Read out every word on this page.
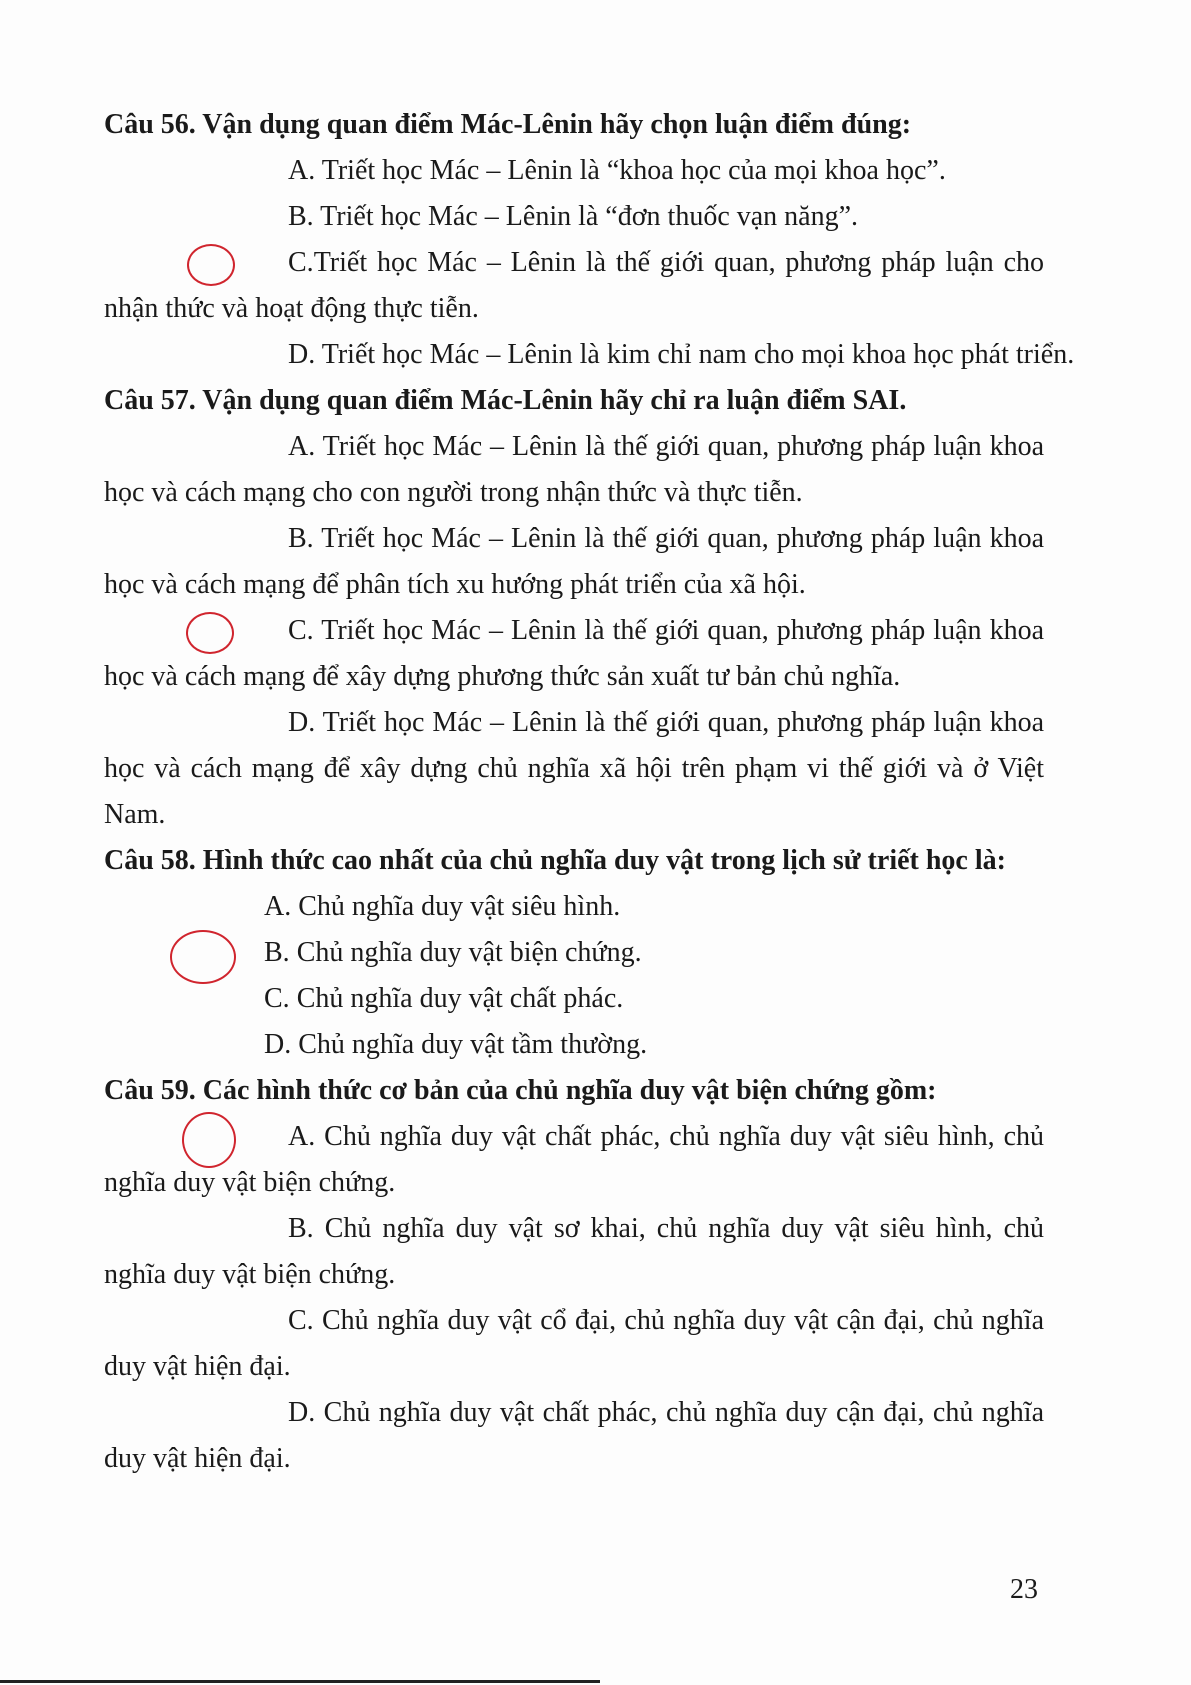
Câu 56. Vận dụng quan điểm Mác-Lênin hãy chọn luận điểm đúng:

A. Triết học Mác – Lênin là “khoa học của mọi khoa học”.

B. Triết học Mác – Lênin là “đơn thuốc vạn năng”.

C.
Triết học Mác – Lênin là thế giới quan, phương pháp luận cho nhận thức và hoạt động thực tiễn.

D. Triết học Mác – Lênin là kim chỉ nam cho mọi khoa học phát triển.

Câu 57. Vận dụng quan điểm Mác-Lênin hãy chỉ ra luận điểm SAI.

A. Triết học Mác – Lênin là thế giới quan, phương pháp luận khoa học và cách mạng cho con người trong nhận thức và thực tiễn.

B. Triết học Mác – Lênin là thế giới quan, phương pháp luận khoa học và cách mạng để phân tích xu hướng phát triển của xã hội.

C.
Triết học Mác – Lênin là thế giới quan, phương pháp luận khoa học và cách mạng để xây dựng phương thức sản xuất tư bản chủ nghĩa.

D. Triết học Mác – Lênin là thế giới quan, phương pháp luận khoa học và cách mạng để xây dựng chủ nghĩa xã hội trên phạm vi thế giới và ở Việt Nam.

Câu 58. Hình thức cao nhất của chủ nghĩa duy vật trong lịch sử triết học là:

A. Chủ nghĩa duy vật siêu hình.

B.
Chủ nghĩa duy vật biện chứng.

C. Chủ nghĩa duy vật chất phác.

D. Chủ nghĩa duy vật tầm thường.

Câu 59. Các hình thức cơ bản của chủ nghĩa duy vật biện chứng gồm:

A.
Chủ nghĩa duy vật chất phác, chủ nghĩa duy vật siêu hình, chủ nghĩa duy vật biện chứng.

B. Chủ nghĩa duy vật sơ khai, chủ nghĩa duy vật siêu hình, chủ nghĩa duy vật biện chứng.

C. Chủ nghĩa duy vật cổ đại, chủ nghĩa duy vật cận đại, chủ nghĩa duy vật hiện đại.

D. Chủ nghĩa duy vật chất phác, chủ nghĩa duy cận đại, chủ nghĩa duy vật hiện đại.

23
